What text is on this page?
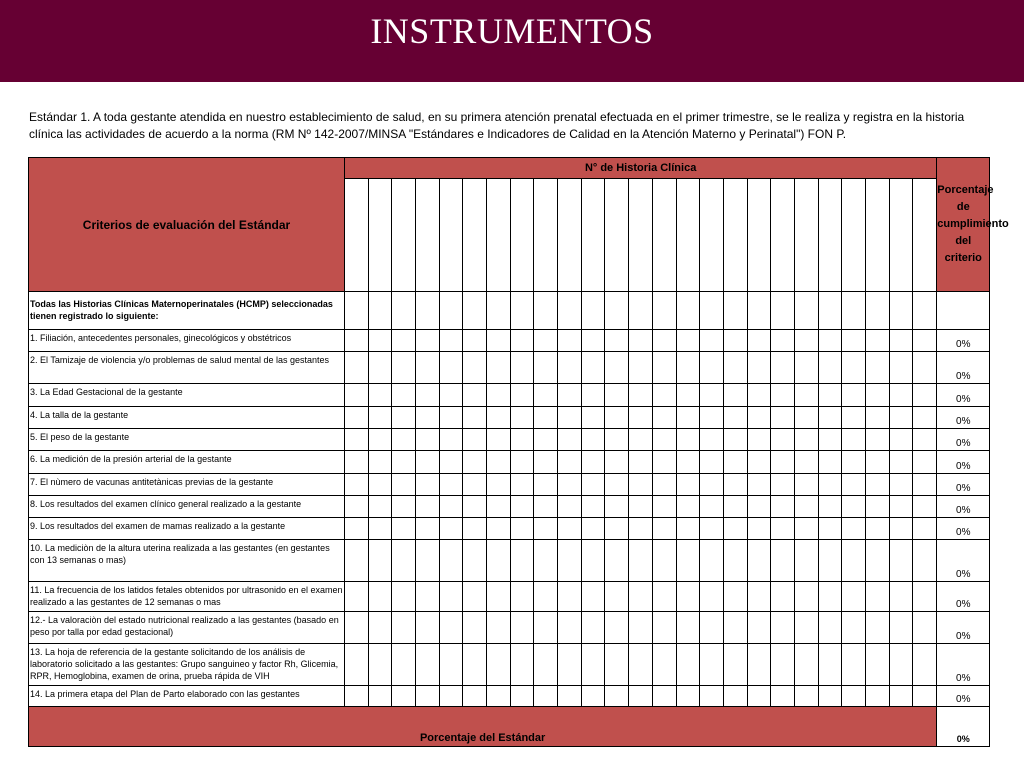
INSTRUMENTOS
Estándar 1. A toda gestante atendida en nuestro establecimiento de salud, en su primera atención prenatal efectuada en el primer trimestre, se le realiza y registra en la historia clínica las actividades de acuerdo a la norma (RM Nº 142-2007/MINSA "Estándares e Indicadores de Calidad en la Atención Materno y Perinatal") FON P.
Criterios de evaluación del Estándar	N° de Historia Clínica																									Porcentaje de cumplimiento del criterio

Todas las Historias Clínicas Maternoperinatales (HCMP) seleccionadas tienen registrado lo siguiente:																										
1. Filiación, antecedentes personales, ginecológicos y obstétricos																										0%
2. El Tamizaje de violencia y/o problemas de salud mental de las gestantes																										0%
3. La Edad Gestacional de la gestante																										0%
4. La talla de la gestante																										0%
5. El peso de la gestante																										0%
6. La medición de la presión arterial de la gestante																										0%
7. El nùmero de vacunas antitetànicas previas de la gestante																										0%
8. Los resultados del examen clínico general realizado a la gestante																										0%
9. Los resultados del examen de mamas realizado a la gestante																										0%
10. La mediciòn de la altura uterina realizada a las gestantes (en gestantes con 13 semanas o mas)																										0%
11. La frecuencia de los latidos fetales obtenidos por ultrasonido en el examen realizado a las gestantes de 12 semanas o mas																										0%
12.- La valoraciòn del estado nutricional realizado a las gestantes (basado en peso por talla por edad gestacional)																										0%
13. La hoja de referencia de la gestante solicitando de los análisis de laboratorio solicitado a las gestantes: Grupo sanguineo y factor Rh, Glicemia, RPR, Hemoglobina, examen de orina, prueba rápida de VIH																										0%
14. La primera etapa del Plan de Parto elaborado con las gestantes																										0%
Porcentaje del Estándar																										0%
